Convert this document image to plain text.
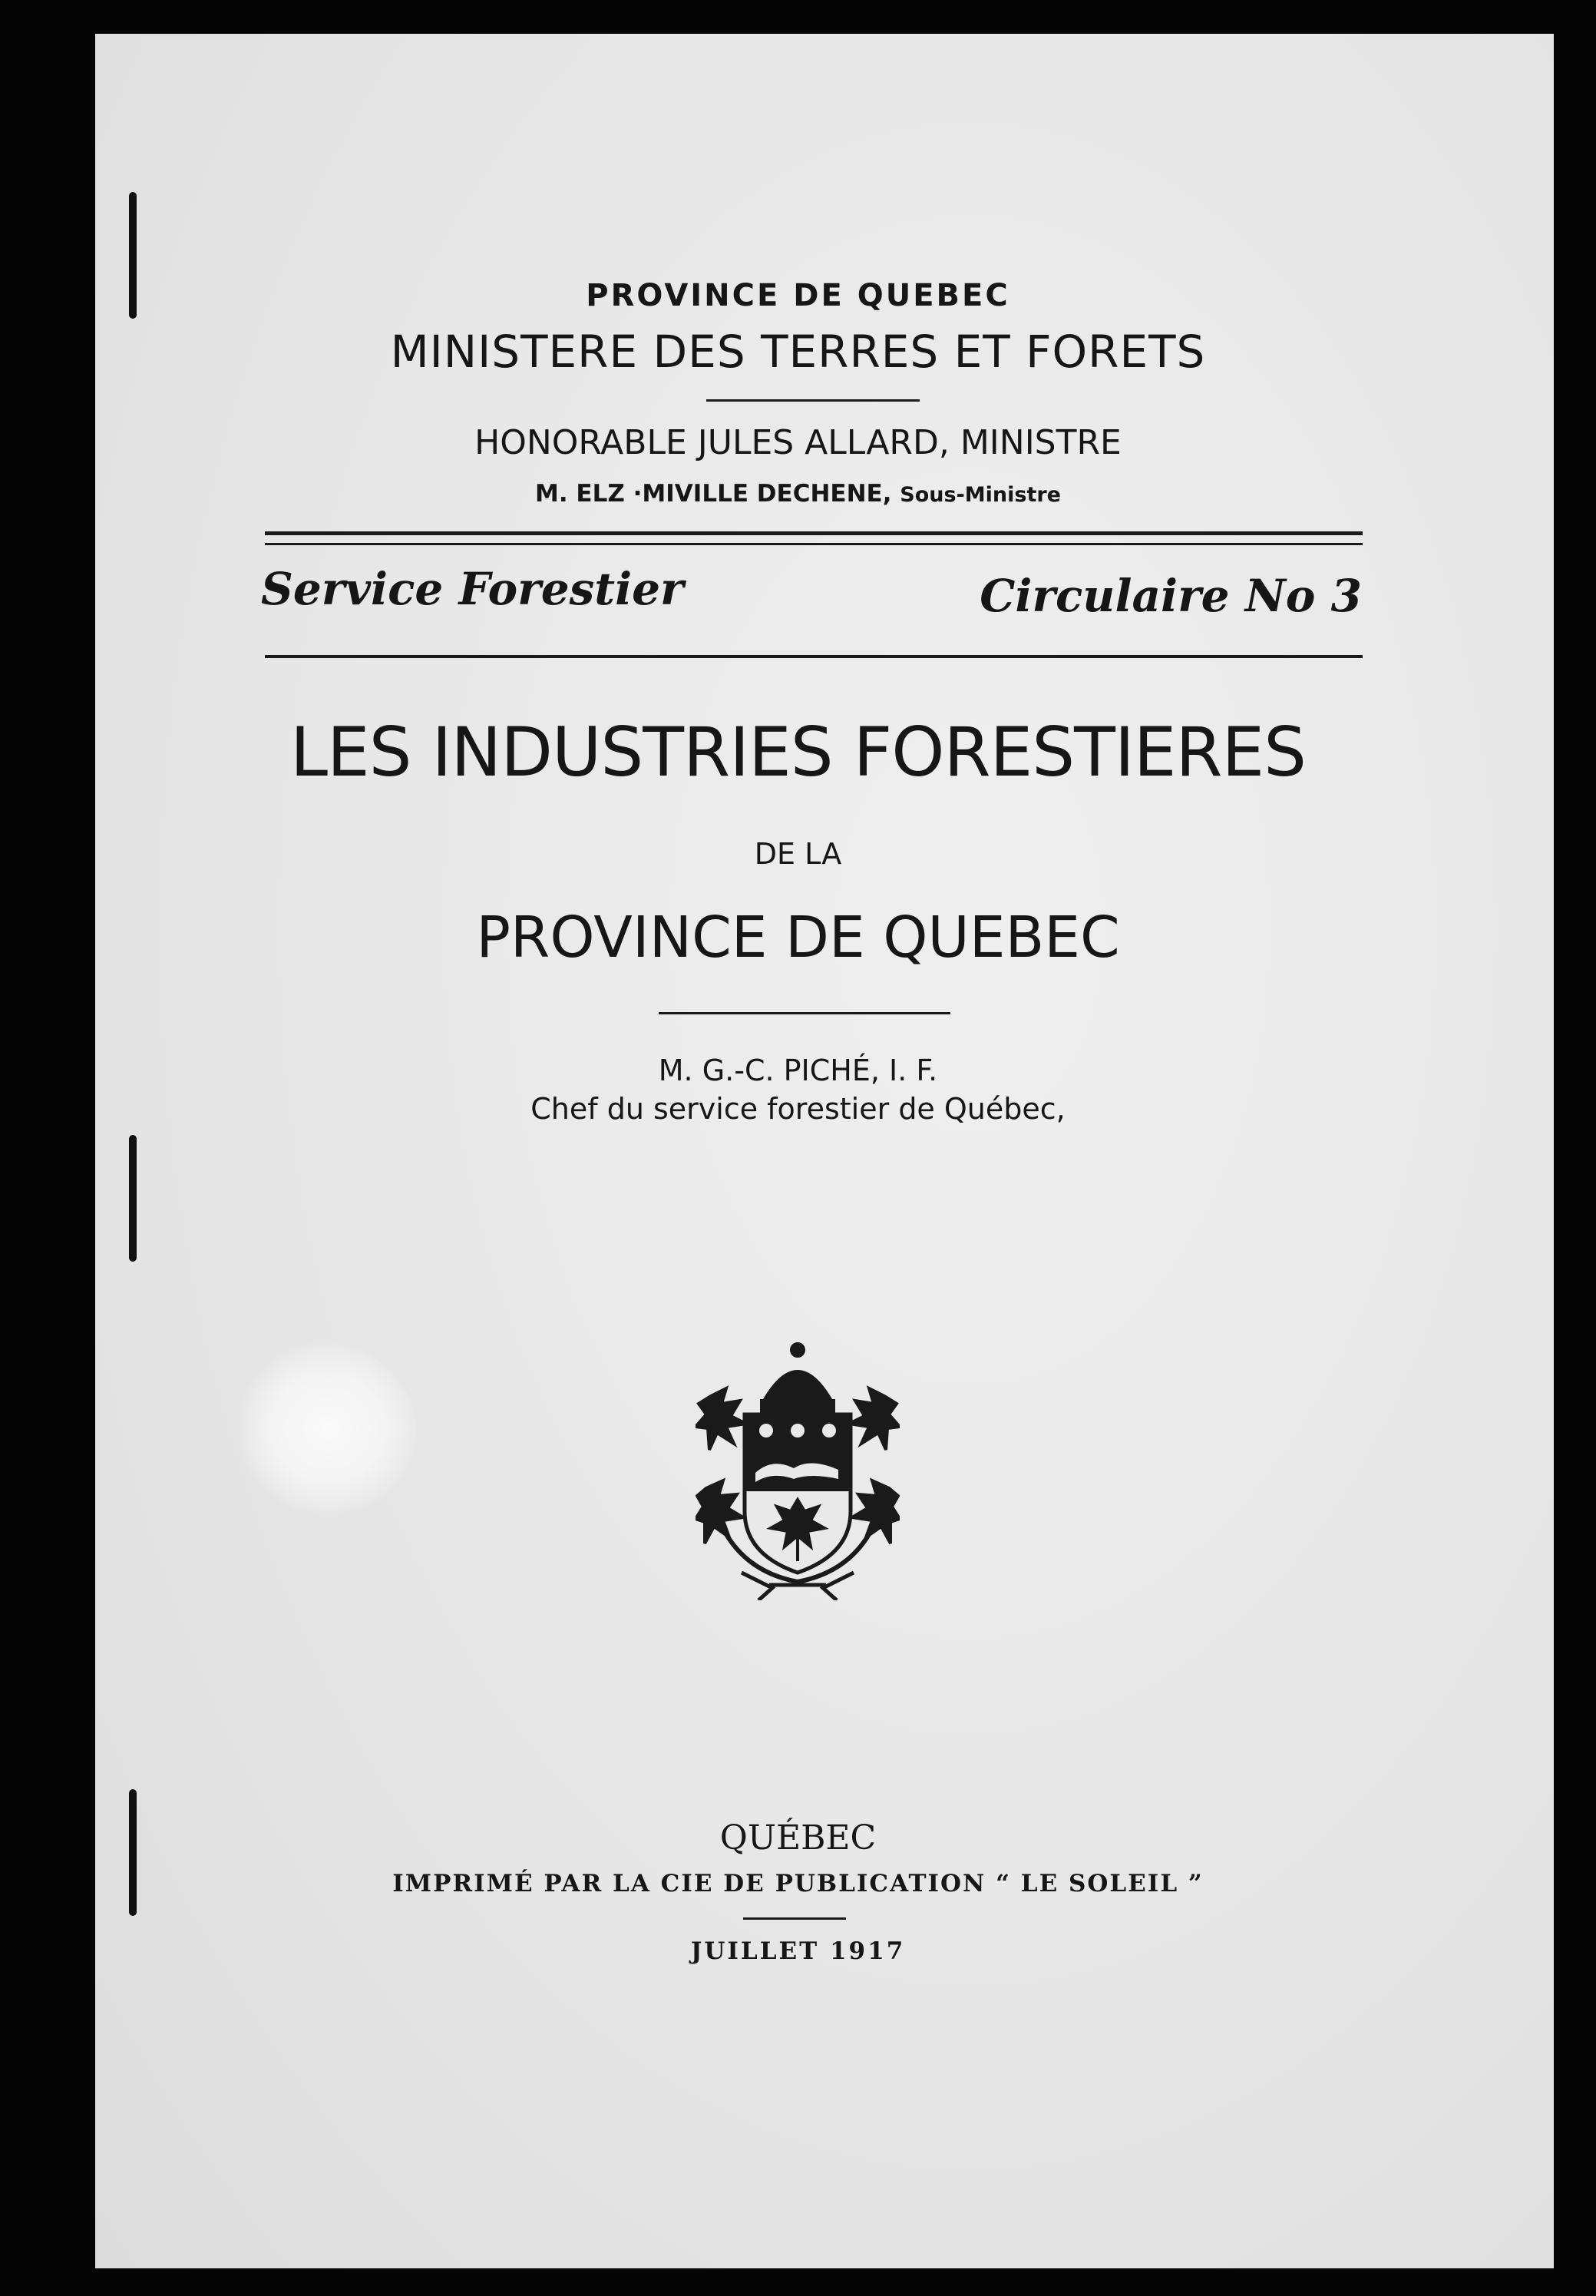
PROVINCE DE QUEBEC
MINISTERE DES TERRES ET FORETS
HONORABLE JULES ALLARD, MINISTRE
M. ELZ ·MIVILLE DECHENE, Sous-Ministre
Service Forestier	Circulaire No 3
LES INDUSTRIES FORESTIERES
DE LA
PROVINCE DE QUEBEC
M. G.-C. PICHÉ, I. F.
Chef du service forestier de Québec,
QUÉBEC
IMPRIMÉ PAR LA CIE DE PUBLICATION “ LE SOLEIL ”
JUILLET 1917
